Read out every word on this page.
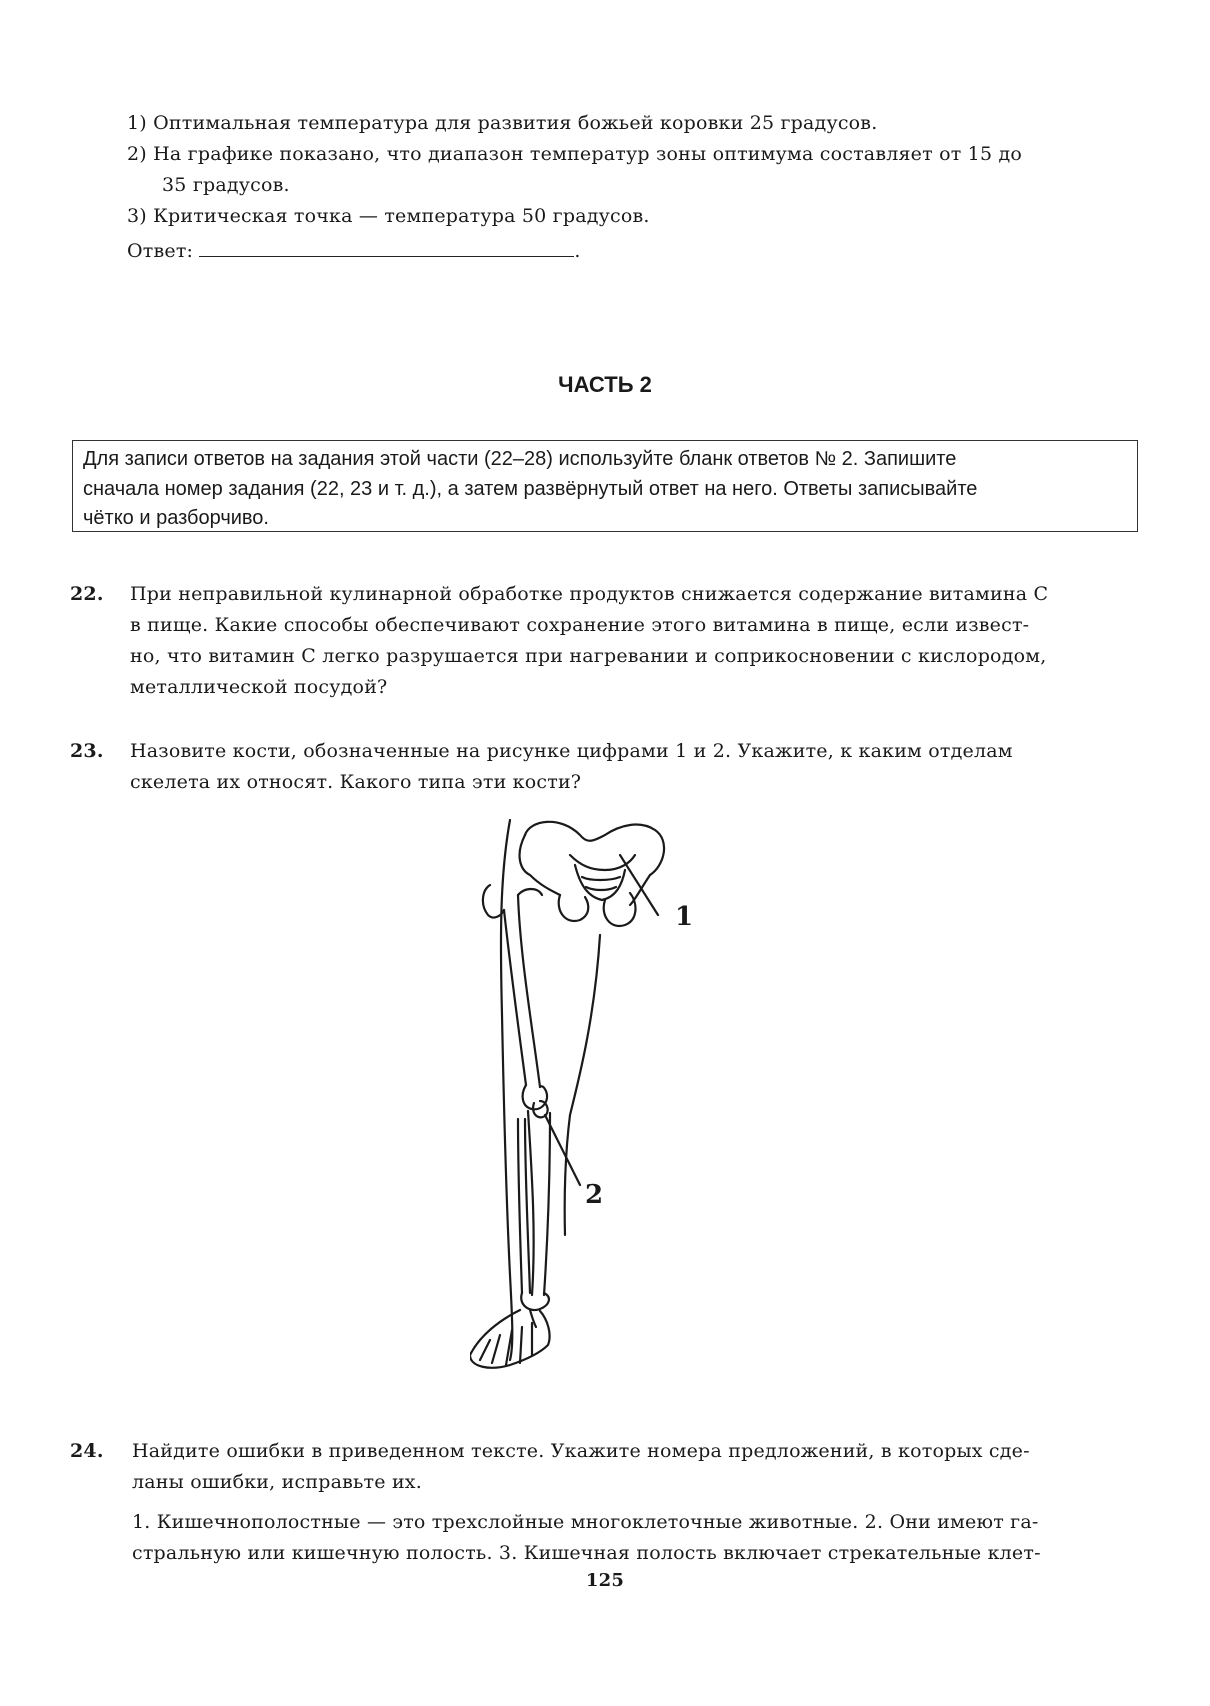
1) Оптимальная температура для развития божьей коровки 25 градусов.
2) На графике показано, что диапазон температур зоны оптимума составляет от 15 до
35 градусов.
3) Критическая точка — температура 50 градусов.
Ответ:	.
ЧАСТЬ 2
Для записи ответов на задания этой части (22–28) используйте бланк ответов № 2. Запишите
сначала номер задания (22, 23 и т. д.), а затем развёрнутый ответ на него. Ответы записывайте
чётко и разборчиво.
22. При неправильной кулинарной обработке продуктов снижается содержание витамина С
в пище. Какие способы обеспечивают сохранение этого витамина в пище, если извест-
но, что витамин С легко разрушается при нагревании и соприкосновении с кислородом,
металлической посудой?
23. Назовите кости, обозначенные на рисунке цифрами 1 и 2. Укажите, к каким отделам
скелета их относят. Какого типа эти кости?
1
2
24. Найдите ошибки в приведенном тексте. Укажите номера предложений, в которых сде-
ланы ошибки, исправьте их.
1. Кишечнополостные — это трехслойные многоклеточные животные. 2. Они имеют га-
стральную или кишечную полость. 3. Кишечная полость включает стрекательные клет-
125
